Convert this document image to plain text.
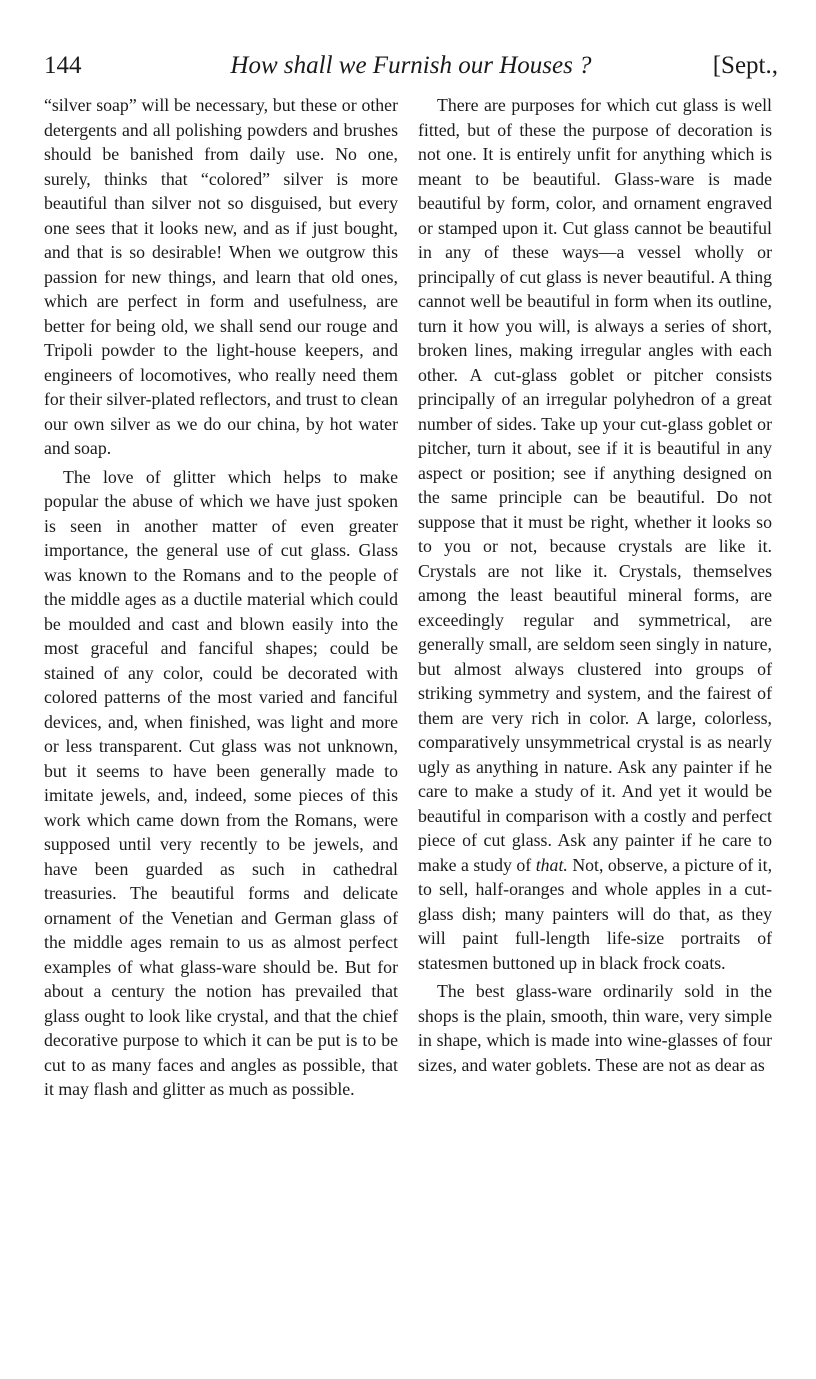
144	How shall we Furnish our Houses ?	[Sept.,

“silver soap” will be necessary, but these or other detergents and all polishing powders and brushes should be banished from daily use. No one, surely, thinks that “colored” silver is more beautiful than silver not so disguised, but every one sees that it looks new, and as if just bought, and that is so desirable! When we outgrow this passion for new things, and learn that old ones, which are perfect in form and usefulness, are better for being old, we shall send our rouge and Tripoli powder to the light-house keepers, and engineers of locomotives, who really need them for their silver-plated reflectors, and trust to clean our own silver as we do our china, by hot water and soap.

The love of glitter which helps to make popular the abuse of which we have just spoken is seen in another matter of even greater importance, the general use of cut glass. Glass was known to the Romans and to the people of the middle ages as a ductile material which could be moulded and cast and blown easily into the most graceful and fanciful shapes; could be stained of any color, could be decorated with colored patterns of the most varied and fanciful devices, and, when finished, was light and more or less transparent. Cut glass was not unknown, but it seems to have been generally made to imitate jewels, and, indeed, some pieces of this work which came down from the Romans, were supposed until very recently to be jewels, and have been guarded as such in cathedral treasuries. The beautiful forms and delicate ornament of the Venetian and German glass of the middle ages remain to us as almost perfect examples of what glass-ware should be. But for about a century the notion has prevailed that glass ought to look like crystal, and that the chief decorative purpose to which it can be put is to be cut to as many faces and angles as possible, that it may flash and glitter as much as possible.

There are purposes for which cut glass is well fitted, but of these the purpose of decoration is not one. It is entirely unfit for anything which is meant to be beautiful. Glass-ware is made beautiful by form, color, and ornament engraved or stamped upon it. Cut glass cannot be beautiful in any of these ways—a vessel wholly or principally of cut glass is never beautiful. A thing cannot well be beautiful in form when its outline, turn it how you will, is always a series of short, broken lines, making irregular angles with each other. A cut-glass goblet or pitcher consists principally of an irregular polyhedron of a great number of sides. Take up your cut-glass goblet or pitcher, turn it about, see if it is beautiful in any aspect or position; see if anything designed on the same principle can be beautiful. Do not suppose that it must be right, whether it looks so to you or not, because crystals are like it. Crystals are not like it. Crystals, themselves among the least beautiful mineral forms, are exceedingly regular and symmetrical, are generally small, are seldom seen singly in nature, but almost always clustered into groups of striking symmetry and system, and the fairest of them are very rich in color. A large, colorless, comparatively unsymmetrical crystal is as nearly ugly as anything in nature. Ask any painter if he care to make a study of it. And yet it would be beautiful in comparison with a costly and perfect piece of cut glass. Ask any painter if he care to make a study of that. Not, observe, a picture of it, to sell, half-oranges and whole apples in a cut-glass dish; many painters will do that, as they will paint full-length life-size portraits of statesmen buttoned up in black frock coats.

The best glass-ware ordinarily sold in the shops is the plain, smooth, thin ware, very simple in shape, which is made into wine-glasses of four sizes, and water goblets. These are not as dear as
